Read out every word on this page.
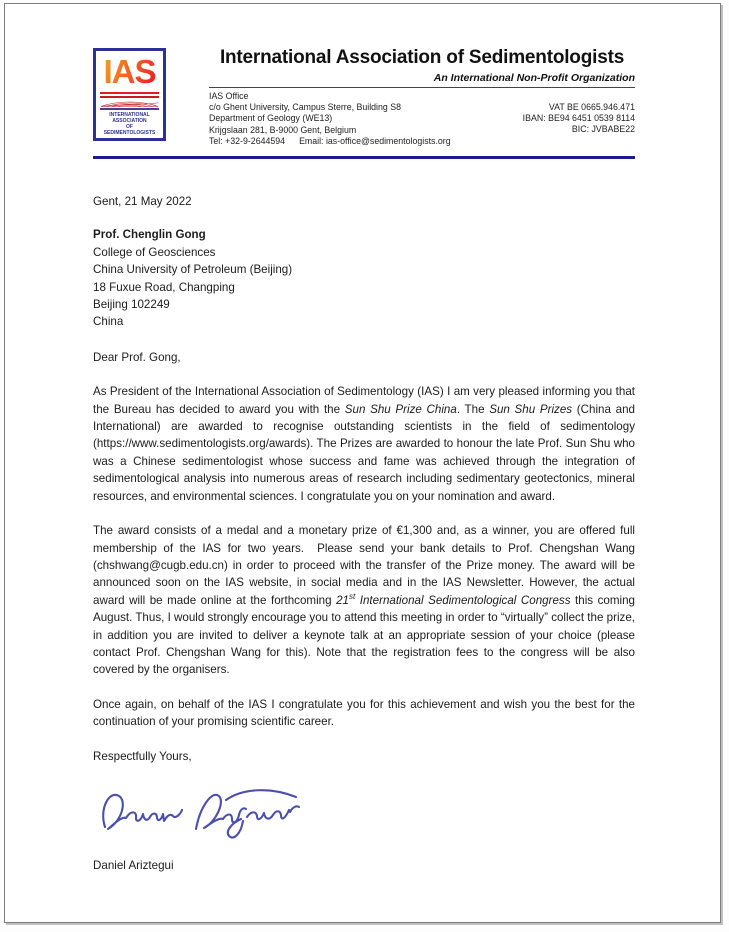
IAS
INTERNATIONAL ASSOCIATION
OF SEDIMENTOLOGISTS
International Association of Sedimentologists
An International Non-Profit Organization
IAS Office
c/o Ghent University, Campus Sterre, Building S8
Department of Geology (WE13)
Krijgslaan 281, B-9000 Gent, Belgium
Tel: +32-9-2644594 Email: ias-office@sedimentologists.org
VAT BE 0665.946.471
IBAN: BE94 6451 0539 8114
BIC: JVBABE22
Gent, 21 May 2022
Prof. Chenglin Gong
College of Geosciences
China University of Petroleum (Beijing)
18 Fuxue Road, Changping
Beijing 102249
China
Dear Prof. Gong,

As President of the International Association of Sedimentology (IAS) I am very pleased informing you that the Bureau has decided to award you with the Sun Shu Prize China. The Sun Shu Prizes (China and International) are awarded to recognise outstanding scientists in the field of sedimentology (https://www.sedimentologists.org/awards). The Prizes are awarded to honour the late Prof. Sun Shu who was a Chinese sedimentologist whose success and fame was achieved through the integration of sedimentological analysis into numerous areas of research including sedimentary geotectonics, mineral resources, and environmental sciences. I congratulate you on your nomination and award.

The award consists of a medal and a monetary prize of €1,300 and, as a winner, you are offered full membership of the IAS for two years.  Please send your bank details to Prof. Chengshan Wang (chshwang@cugb.edu.cn) in order to proceed with the transfer of the Prize money. The award will be announced soon on the IAS website, in social media and in the IAS Newsletter. However, the actual award will be made online at the forthcoming 21st International Sedimentological Congress this coming August. Thus, I would strongly encourage you to attend this meeting in order to “virtually” collect the prize, in addition you are invited to deliver a keynote talk at an appropriate session of your choice (please contact Prof. Chengshan Wang for this). Note that the registration fees to the congress will be also covered by the organisers.

Once again, on behalf of the IAS I congratulate you for this achievement and wish you the best for the continuation of your promising scientific career.

Respectfully Yours,
Daniel Ariztegui
